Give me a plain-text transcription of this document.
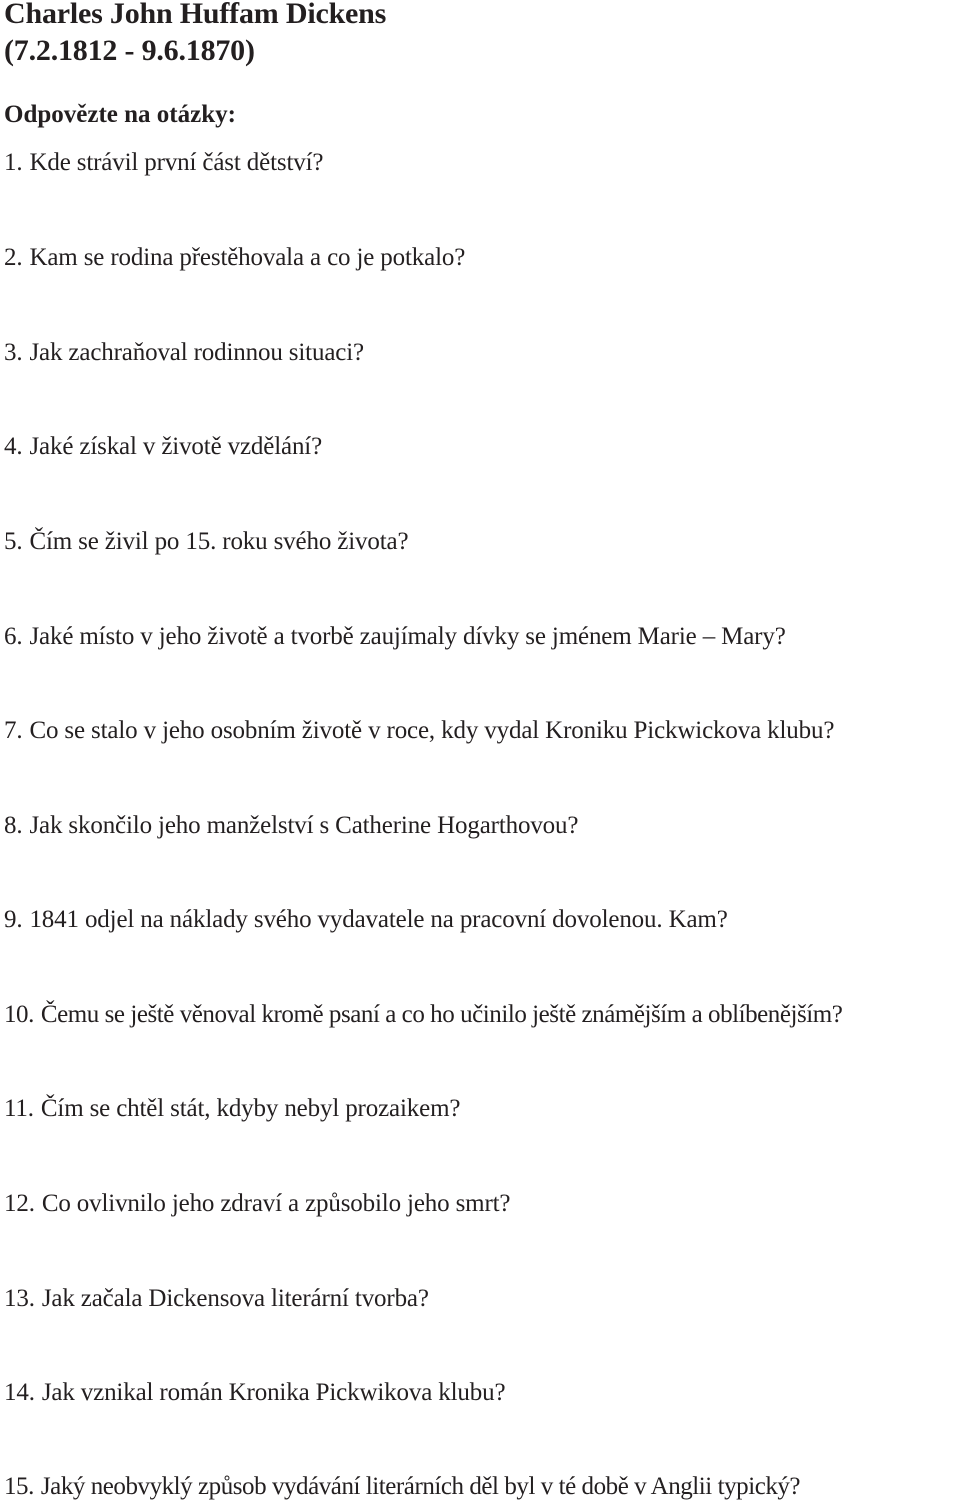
Charles John Huffam Dickens
(7.2.1812 - 9.6.1870)
Odpovězte na otázky:
1. Kde strávil první část dětství?
2. Kam se rodina přestěhovala a co je potkalo?
3. Jak zachraňoval rodinnou situaci?
4. Jaké získal v životě vzdělání?
5. Čím se živil po 15. roku svého života?
6. Jaké místo v jeho životě a tvorbě zaujímaly dívky se jménem Marie – Mary?
7. Co se stalo v jeho osobním životě v roce, kdy vydal Kroniku Pickwickova klubu?
8. Jak skončilo jeho manželství s Catherine Hogarthovou?
9. 1841 odjel na náklady svého vydavatele na pracovní dovolenou. Kam?
10. Čemu se ještě věnoval kromě psaní a co ho učinilo ještě známějším a oblíbenějším?
11. Čím se chtěl stát, kdyby nebyl prozaikem?
12. Co ovlivnilo jeho zdraví a způsobilo jeho smrt?
13. Jak začala Dickensova literární tvorba?
14. Jak vznikal román Kronika Pickwikova klubu?
15. Jaký neobvyklý způsob vydávání literárních děl byl v té době v Anglii typický?
